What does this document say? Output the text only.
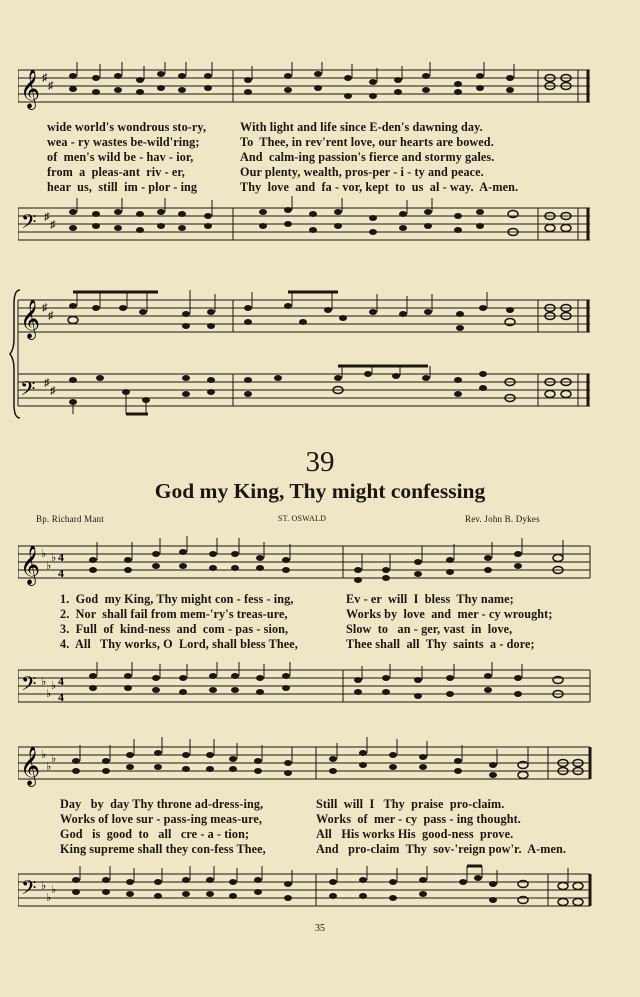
𝄞 ♯
♯

wide world's wondrous sto-ry,

wea - ry wastes be-wild'ring;

of  men's wild be - hav - ior,

from  a  pleas-ant  riv - er,

hear  us,  still  im - plor - ing

With light and life since E-den's dawning day.

To  Thee, in rev'rent love, our hearts are bowed.

And  calm-ing passion's fierce and stormy gales.

Our plenty, wealth, pros-per - i - ty and peace.

Thy  love  and  fa - vor, kept  to  us  al - way.  A-men.

𝄢 ♯
♯
𝄞 ♯
♯
𝄢 ♯
♯
39
God my King, Thy might confessing
Bp. Richard Mant	ST. OSWALD	Rev. John B. Dykes
𝄞 ♭
♭
♭ 4
4

1.  God  my King, Thy might con - fess - ing,

2.  Nor  shall fail from mem-'ry's treas-ure,

3.  Full  of  kind-ness  and  com - pas - sion,

4.  All   Thy works, O  Lord, shall bless Thee,

Ev - er  will  I  bless  Thy name;

Works by  love  and  mer - cy wrought;

Slow  to   an - ger, vast  in  love,

Thee shall  all  Thy  saints  a - dore;

𝄢 ♭
♭
♭ 4
4
𝄞 ♭
♭
♭

Day   by  day Thy throne ad-dress-ing,

Works of love sur - pass-ing meas-ure,

God   is  good  to   all   cre - a - tion;

King supreme shall they con-fess Thee,

Still  will  I   Thy  praise  pro-claim.

Works  of  mer - cy  pass - ing thought.

All   His works His  good-ness  prove.

And   pro-claim  Thy  sov-'reign pow'r.  A-men.

𝄢 ♭
♭
♭
35
